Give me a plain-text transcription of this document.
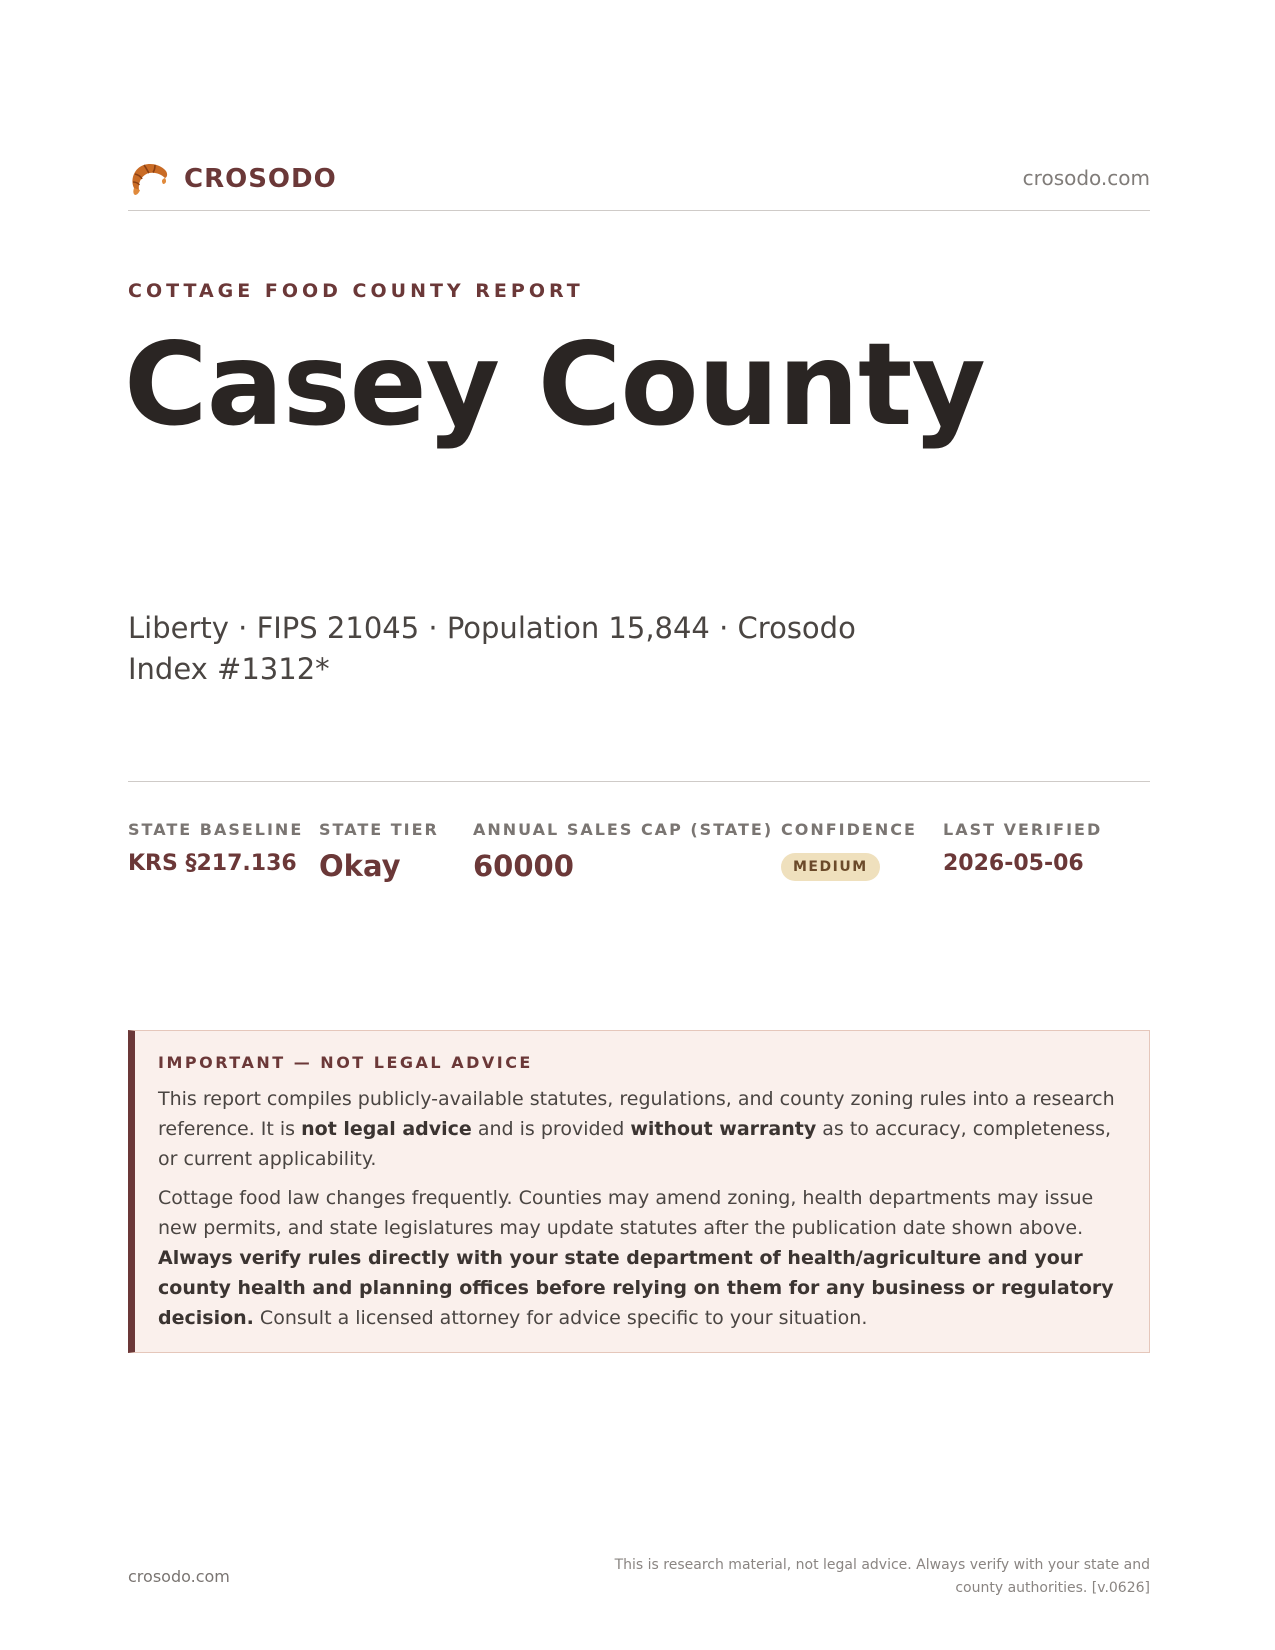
CROSODO	crosodo.com
COTTAGE FOOD COUNTY REPORT
Casey County
Liberty · FIPS 21045 · Population 15,844 · Crosodo Index #1312*
STATE BASELINE
KRS §217.136
STATE TIER
Okay
ANNUAL SALES CAP (STATE)
60000
CONFIDENCE
MEDIUM
LAST VERIFIED
2026-05-06
IMPORTANT — NOT LEGAL ADVICE

This report compiles publicly-available statutes, regulations, and county zoning rules into a research reference. It is not legal advice and is provided without warranty as to accuracy, completeness, or current applicability.

Cottage food law changes frequently. Counties may amend zoning, health departments may issue new permits, and state legislatures may update statutes after the publication date shown above. Always verify rules directly with your state department of health/agriculture and your county health and planning offices before relying on them for any business or regulatory decision. Consult a licensed attorney for advice specific to your situation.

crosodo.com
This is research material, not legal advice. Always verify with your state and county authorities. [v.0626]
